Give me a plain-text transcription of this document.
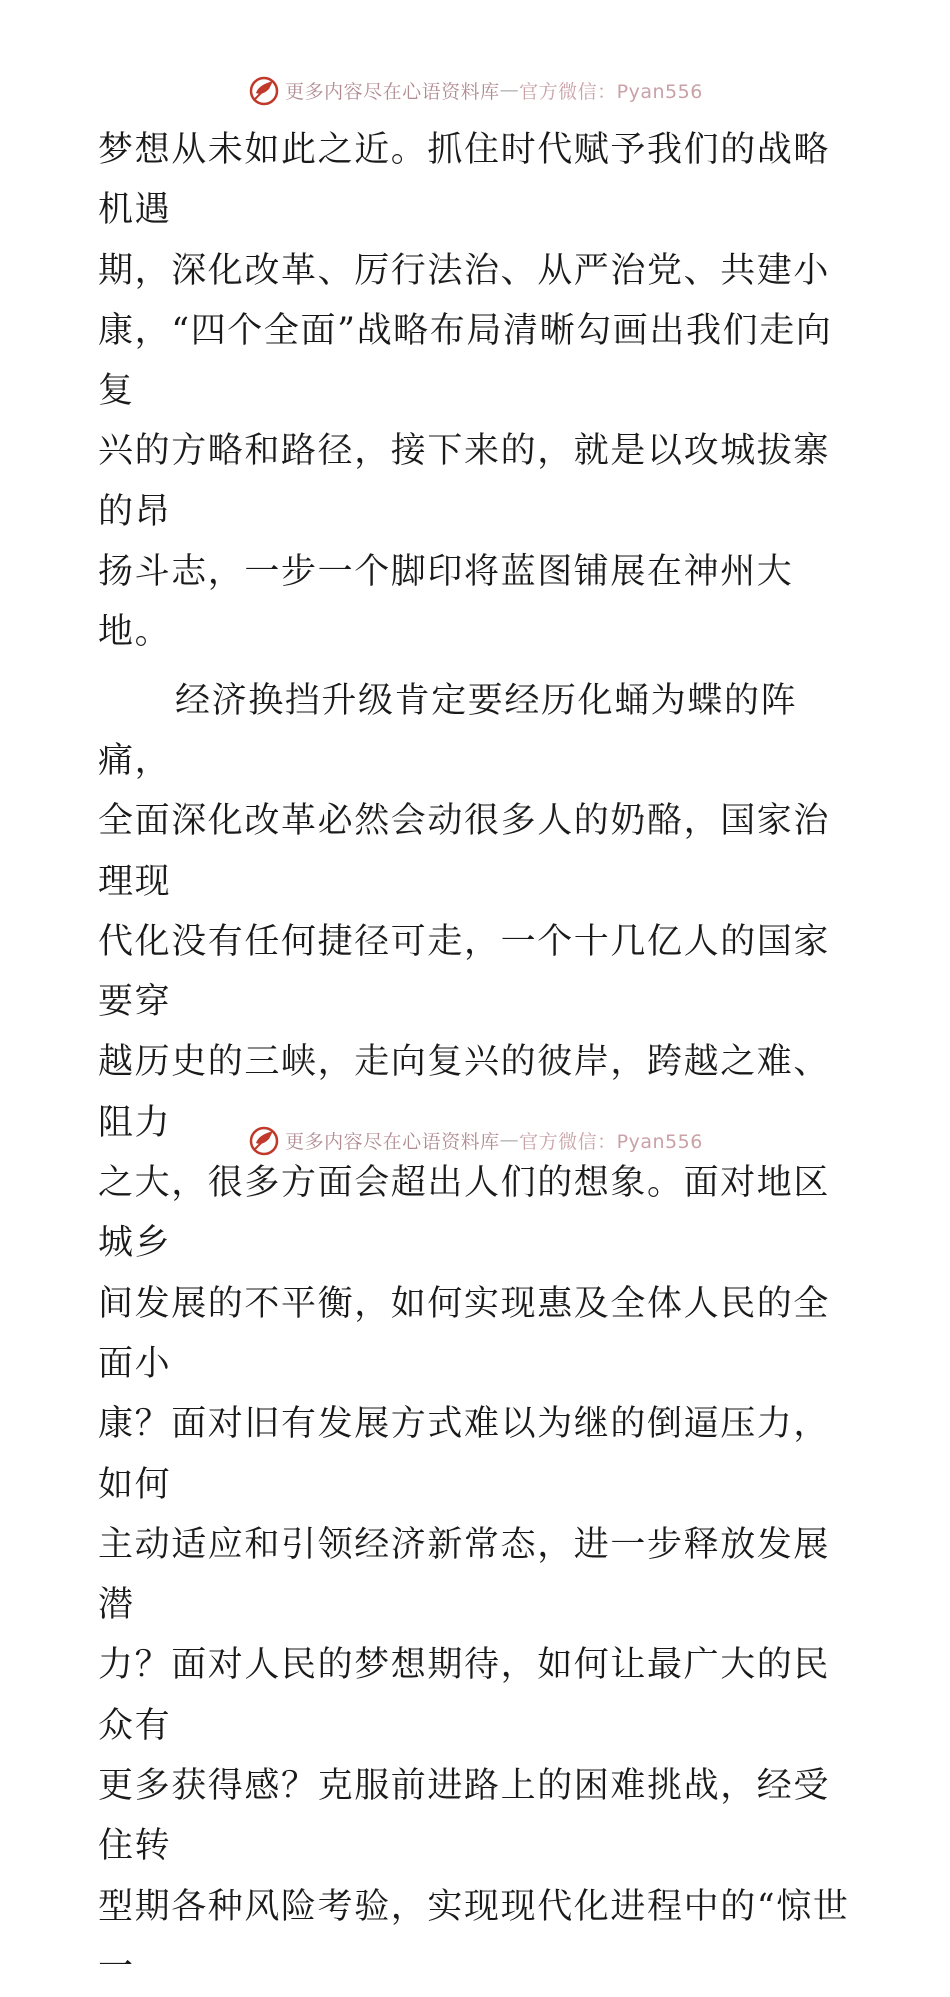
更多内容尽在心语资料库 — 官方微信：Pyan556

梦想从未如此之近。抓住时代赋予我们的战略机遇

期，深化改革、厉行法治、从严治党、共建小

康，“四个全面”战略布局清晰勾画出我们走向复

兴的方略和路径，接下来的，就是以攻城拔寨的昂

扬斗志，一步一个脚印将蓝图铺展在神州大地。

经济换挡升级肯定要经历化蛹为蝶的阵痛，

全面深化改革必然会动很多人的奶酪，国家治理现

代化没有任何捷径可走，一个十几亿人的国家要穿

越历史的三峡，走向复兴的彼岸，跨越之难、阻力

之大，很多方面会超出人们的想象。面对地区城乡

间发展的不平衡，如何实现惠及全体人民的全面小

康？面对旧有发展方式难以为继的倒逼压力，如何

主动适应和引领经济新常态，进一步释放发展潜

力？面对人民的梦想期待，如何让最广大的民众有

更多获得感？克服前进路上的困难挑战，经受住转

型期各种风险考验，实现现代化进程中的“惊世一

更多内容尽在心语资料库 — 官方微信：Pyan556
